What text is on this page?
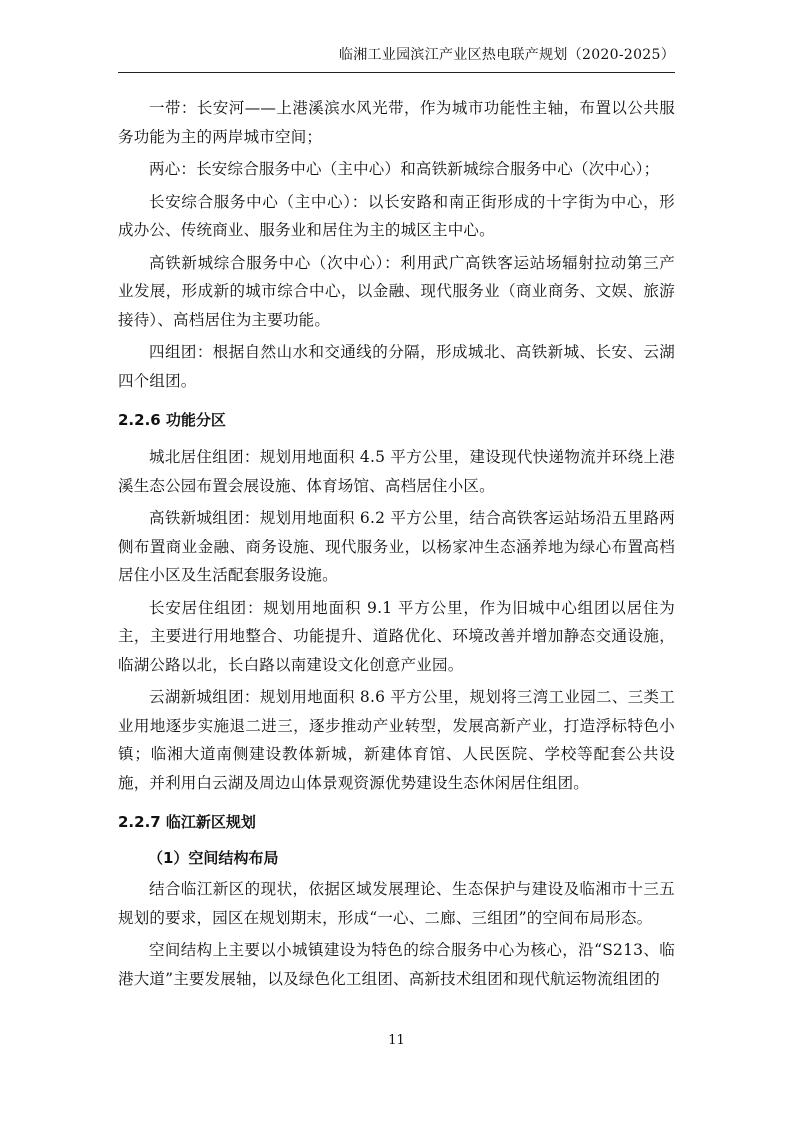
临湘工业园滨江产业区热电联产规划（2020-2025）

一带：长安河——上港溪滨水风光带，作为城市功能性主轴，布置以公共服务功能为主的两岸城市空间；

两心：长安综合服务中心（主中心）和高铁新城综合服务中心（次中心）；

长安综合服务中心（主中心）：以长安路和南正街形成的十字街为中心，形成办公、传统商业、服务业和居住为主的城区主中心。

高铁新城综合服务中心（次中心）：利用武广高铁客运站场辐射拉动第三产业发展，形成新的城市综合中心，以金融、现代服务业（商业商务、文娱、旅游接待）、高档居住为主要功能。

四组团：根据自然山水和交通线的分隔，形成城北、高铁新城、长安、云湖四个组团。

2.2.6 功能分区

城北居住组团：规划用地面积 4.5 平方公里，建设现代快递物流并环绕上港溪生态公园布置会展设施、体育场馆、高档居住小区。

高铁新城组团：规划用地面积 6.2 平方公里，结合高铁客运站场沿五里路两侧布置商业金融、商务设施、现代服务业，以杨家冲生态涵养地为绿心布置高档居住小区及生活配套服务设施。

长安居住组团：规划用地面积 9.1 平方公里，作为旧城中心组团以居住为主，主要进行用地整合、功能提升、道路优化、环境改善并增加静态交通设施，临湖公路以北，长白路以南建设文化创意产业园。

云湖新城组团：规划用地面积 8.6 平方公里，规划将三湾工业园二、三类工业用地逐步实施退二进三，逐步推动产业转型，发展高新产业，打造浮标特色小镇；临湘大道南侧建设教体新城，新建体育馆、人民医院、学校等配套公共设施，并利用白云湖及周边山体景观资源优势建设生态休闲居住组团。

2.2.7 临江新区规划
（1）空间结构布局

结合临江新区的现状，依据区域发展理论、生态保护与建设及临湘市十三五规划的要求，园区在规划期末，形成“一心、二廊、三组团”的空间布局形态。

空间结构上主要以小城镇建设为特色的综合服务中心为核心，沿“S213、临港大道”主要发展轴，以及绿色化工组团、高新技术组团和现代航运物流组团的

11
